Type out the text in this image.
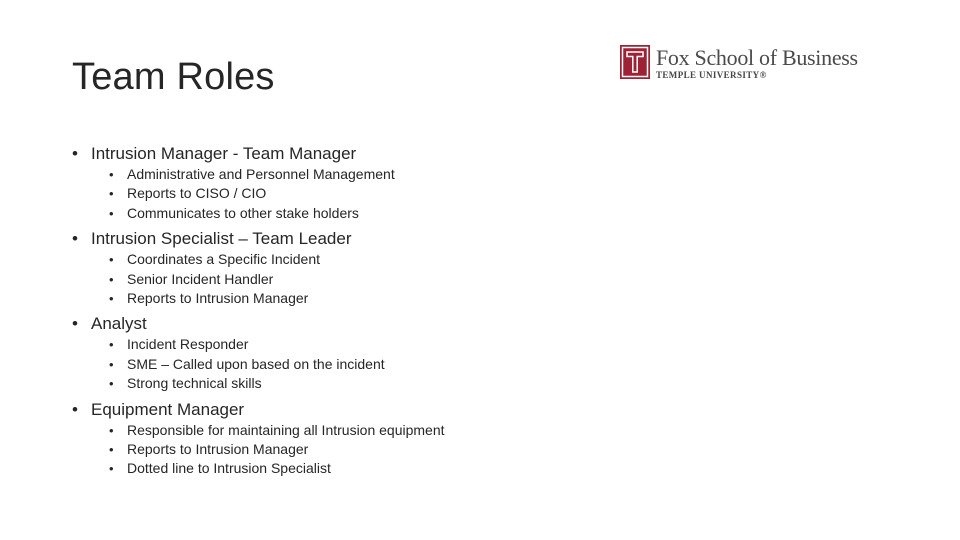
Team Roles	Fox School of Business
TEMPLE UNIVERSITY®
• Intrusion Manager - Team Manager
• Administrative and Personnel Management
• Reports to CISO / CIO
• Communicates to other stake holders
• Intrusion Specialist – Team Leader
• Coordinates a Specific Incident
• Senior Incident Handler
• Reports to Intrusion Manager
• Analyst
• Incident Responder
• SME – Called upon based on the incident
• Strong technical skills
• Equipment Manager
• Responsible for maintaining all Intrusion equipment
• Reports to Intrusion Manager
• Dotted line to Intrusion Specialist
